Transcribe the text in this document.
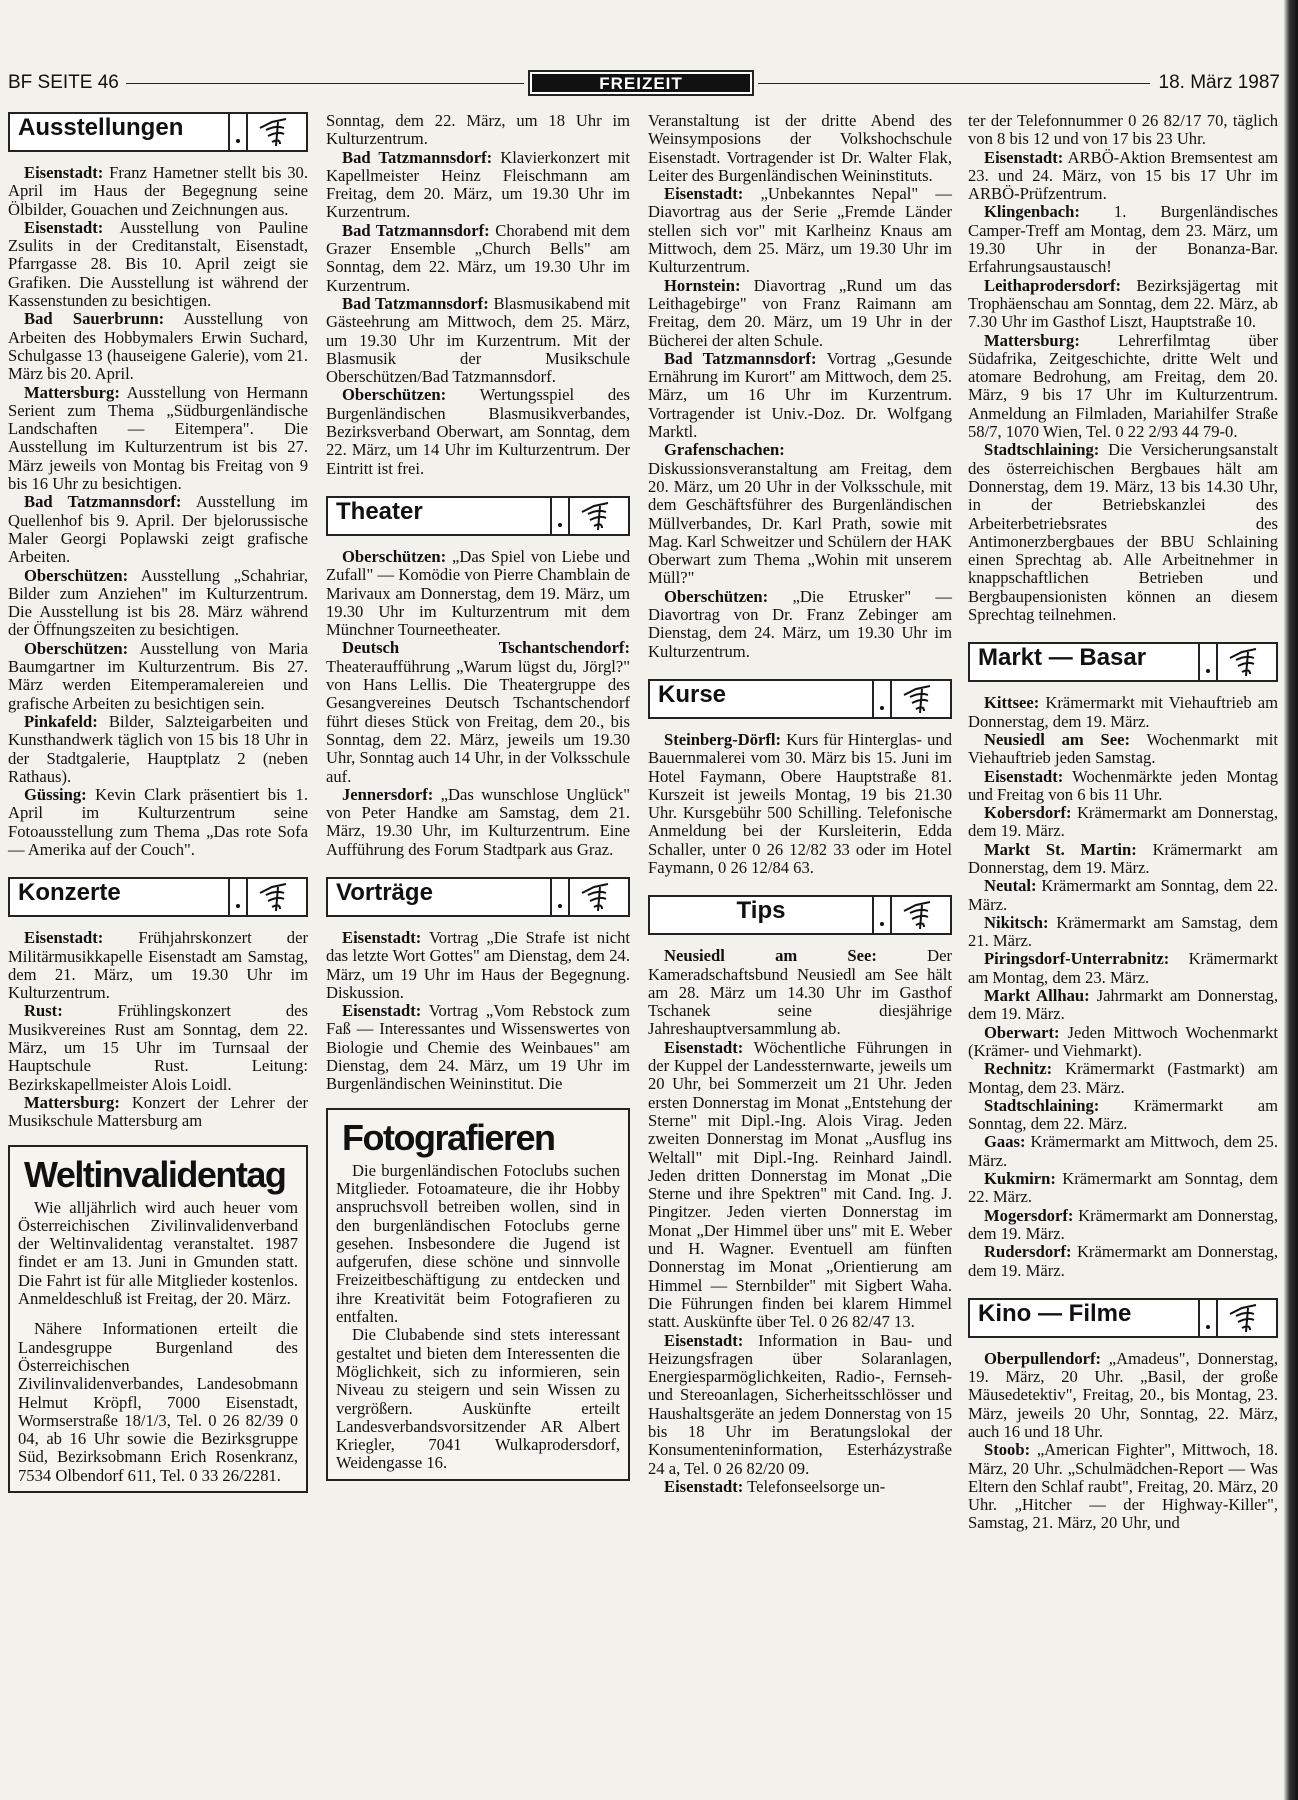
BF SEITE 46	FREIZEIT	18. März 1987
Ausstellungen

Eisenstadt: Franz Hametner stellt bis 30. April im Haus der Begegnung seine Ölbilder, Gouachen und Zeichnungen aus.

Eisenstadt: Ausstellung von Pauline Zsulits in der Creditanstalt, Eisenstadt, Pfarrgasse 28. Bis 10. April zeigt sie Grafiken. Die Ausstellung ist während der Kassenstunden zu besichtigen.

Bad Sauerbrunn: Ausstellung von Arbeiten des Hobbymalers Erwin Suchard, Schulgasse 13 (hauseigene Galerie), vom 21. März bis 20. April.

Mattersburg: Ausstellung von Hermann Serient zum Thema „Südburgenländische Landschaften — Eitempera". Die Ausstellung im Kulturzentrum ist bis 27. März jeweils von Montag bis Freitag von 9 bis 16 Uhr zu besichtigen.

Bad Tatzmannsdorf: Ausstellung im Quellenhof bis 9. April. Der bjelorussische Maler Georgi Poplawski zeigt grafische Arbeiten.

Oberschützen: Ausstellung „Schahriar, Bilder zum Anziehen" im Kulturzentrum. Die Ausstellung ist bis 28. März während der Öffnungszeiten zu besichtigen.

Oberschützen: Ausstellung von Maria Baumgartner im Kulturzentrum. Bis 27. März werden Eitemperamalereien und grafische Arbeiten zu besichtigen sein.

Pinkafeld: Bilder, Salzteigarbeiten und Kunsthandwerk täglich von 15 bis 18 Uhr in der Stadtgalerie, Hauptplatz 2 (neben Rathaus).

Güssing: Kevin Clark präsentiert bis 1. April im Kulturzentrum seine Fotoausstellung zum Thema „Das rote Sofa — Amerika auf der Couch".

Konzerte

Eisenstadt: Frühjahrskonzert der Militärmusikkapelle Eisenstadt am Samstag, dem 21. März, um 19.30 Uhr im Kulturzentrum.

Rust: Frühlingskonzert des Musikvereines Rust am Sonntag, dem 22. März, um 15 Uhr im Turnsaal der Hauptschule Rust. Leitung: Bezirkskapellmeister Alois Loidl.

Mattersburg: Konzert der Lehrer der Musikschule Mattersburg am

Weltinvalidentag

Wie alljährlich wird auch heuer vom Österreichischen Zivilinvalidenverband der Weltinvalidentag veranstaltet. 1987 findet er am 13. Juni in Gmunden statt. Die Fahrt ist für alle Mitglieder kostenlos. Anmeldeschluß ist Freitag, der 20. März.

Nähere Informationen erteilt die Landesgruppe Burgenland des Österreichischen Zivilinvalidenverbandes, Landesobmann Helmut Kröpfl, 7000 Eisenstadt, Wormserstraße 18/1/3, Tel. 0 26 82/39 0 04, ab 16 Uhr sowie die Bezirksgruppe Süd, Bezirksobmann Erich Rosenkranz, 7534 Olbendorf 611, Tel. 0 33 26/2281.

Sonntag, dem 22. März, um 18 Uhr im Kulturzentrum.

Bad Tatzmannsdorf: Klavierkonzert mit Kapellmeister Heinz Fleischmann am Freitag, dem 20. März, um 19.30 Uhr im Kurzentrum.

Bad Tatzmannsdorf: Chorabend mit dem Grazer Ensemble „Church Bells" am Sonntag, dem 22. März, um 19.30 Uhr im Kurzentrum.

Bad Tatzmannsdorf: Blasmusikabend mit Gästeehrung am Mittwoch, dem 25. März, um 19.30 Uhr im Kurzentrum. Mit der Blasmusik der Musikschule Oberschützen/Bad Tatzmannsdorf.

Oberschützen: Wertungsspiel des Burgenländischen Blasmusikverbandes, Bezirksverband Oberwart, am Sonntag, dem 22. März, um 14 Uhr im Kulturzentrum. Der Eintritt ist frei.

Theater

Oberschützen: „Das Spiel von Liebe und Zufall" — Komödie von Pierre Chamblain de Marivaux am Donnerstag, dem 19. März, um 19.30 Uhr im Kulturzentrum mit dem Münchner Tourneetheater.

Deutsch Tschantschendorf: Theateraufführung „Warum lügst du, Jörgl?" von Hans Lellis. Die Theatergruppe des Gesangvereines Deutsch Tschantschendorf führt dieses Stück von Freitag, dem 20., bis Sonntag, dem 22. März, jeweils um 19.30 Uhr, Sonntag auch 14 Uhr, in der Volksschule auf.

Jennersdorf: „Das wunschlose Unglück" von Peter Handke am Samstag, dem 21. März, 19.30 Uhr, im Kulturzentrum. Eine Aufführung des Forum Stadtpark aus Graz.

Vorträge

Eisenstadt: Vortrag „Die Strafe ist nicht das letzte Wort Gottes" am Dienstag, dem 24. März, um 19 Uhr im Haus der Begegnung. Diskussion.

Eisenstadt: Vortrag „Vom Rebstock zum Faß — Interessantes und Wissenswertes von Biologie und Chemie des Weinbaues" am Dienstag, dem 24. März, um 19 Uhr im Burgenländischen Weininstitut. Die

Fotografieren

Die burgenländischen Fotoclubs suchen Mitglieder. Fotoamateure, die ihr Hobby anspruchsvoll betreiben wollen, sind in den burgenländischen Fotoclubs gerne gesehen. Insbesondere die Jugend ist aufgerufen, diese schöne und sinnvolle Freizeitbeschäftigung zu entdecken und ihre Kreativität beim Fotografieren zu entfalten.

Die Clubabende sind stets interessant gestaltet und bieten dem Interessenten die Möglichkeit, sich zu informieren, sein Niveau zu steigern und sein Wissen zu vergrößern. Auskünfte erteilt Landesverbandsvorsitzender AR Albert Kriegler, 7041 Wulkaprodersdorf, Weidengasse 16.

Veranstaltung ist der dritte Abend des Weinsymposions der Volkshochschule Eisenstadt. Vortragender ist Dr. Walter Flak, Leiter des Burgenländischen Weininstituts.

Eisenstadt: „Unbekanntes Nepal" — Diavortrag aus der Serie „Fremde Länder stellen sich vor" mit Karlheinz Knaus am Mittwoch, dem 25. März, um 19.30 Uhr im Kulturzentrum.

Hornstein: Diavortrag „Rund um das Leithagebirge" von Franz Raimann am Freitag, dem 20. März, um 19 Uhr in der Bücherei der alten Schule.

Bad Tatzmannsdorf: Vortrag „Gesunde Ernährung im Kurort" am Mittwoch, dem 25. März, um 16 Uhr im Kurzentrum. Vortragender ist Univ.-Doz. Dr. Wolfgang Marktl.

Grafenschachen: Diskussionsveranstaltung am Freitag, dem 20. März, um 20 Uhr in der Volksschule, mit dem Geschäftsführer des Burgenländischen Müllverbandes, Dr. Karl Prath, sowie mit Mag. Karl Schweitzer und Schülern der HAK Oberwart zum Thema „Wohin mit unserem Müll?"

Oberschützen: „Die Etrusker" — Diavortrag von Dr. Franz Zebinger am Dienstag, dem 24. März, um 19.30 Uhr im Kulturzentrum.

Kurse

Steinberg-Dörfl: Kurs für Hinterglas- und Bauernmalerei vom 30. März bis 15. Juni im Hotel Faymann, Obere Hauptstraße 81. Kurszeit ist jeweils Montag, 19 bis 21.30 Uhr. Kursgebühr 500 Schilling. Telefonische Anmeldung bei der Kursleiterin, Edda Schaller, unter 0 26 12/82 33 oder im Hotel Faymann, 0 26 12/84 63.

Tips

Neusiedl am See: Der Kameradschaftsbund Neusiedl am See hält am 28. März um 14.30 Uhr im Gasthof Tschanek seine diesjährige Jahreshauptversammlung ab.

Eisenstadt: Wöchentliche Führungen in der Kuppel der Landessternwarte, jeweils um 20 Uhr, bei Sommerzeit um 21 Uhr. Jeden ersten Donnerstag im Monat „Entstehung der Sterne" mit Dipl.-Ing. Alois Virag. Jeden zweiten Donnerstag im Monat „Ausflug ins Weltall" mit Dipl.-Ing. Reinhard Jaindl. Jeden dritten Donnerstag im Monat „Die Sterne und ihre Spektren" mit Cand. Ing. J. Pingitzer. Jeden vierten Donnerstag im Monat „Der Himmel über uns" mit E. Weber und H. Wagner. Eventuell am fünften Donnerstag im Monat „Orientierung am Himmel — Sternbilder" mit Sigbert Waha. Die Führungen finden bei klarem Himmel statt. Auskünfte über Tel. 0 26 82/47 13.

Eisenstadt: Information in Bau- und Heizungsfragen über Solaranlagen, Energiesparmöglichkeiten, Radio-, Fernseh- und Stereoanlagen, Sicherheitsschlösser und Haushaltsgeräte an jedem Donnerstag von 15 bis 18 Uhr im Beratungslokal der Konsumenteninformation, Esterházystraße 24 a, Tel. 0 26 82/20 09.

Eisenstadt: Telefonseelsorge un-

ter der Telefonnummer 0 26 82/17 70, täglich von 8 bis 12 und von 17 bis 23 Uhr.

Eisenstadt: ARBÖ-Aktion Bremsentest am 23. und 24. März, von 15 bis 17 Uhr im ARBÖ-Prüfzentrum.

Klingenbach: 1. Burgenländisches Camper-Treff am Montag, dem 23. März, um 19.30 Uhr in der Bonanza-Bar. Erfahrungsaustausch!

Leithaprodersdorf: Bezirksjägertag mit Trophäenschau am Sonntag, dem 22. März, ab 7.30 Uhr im Gasthof Liszt, Hauptstraße 10.

Mattersburg: Lehrerfilmtag über Südafrika, Zeitgeschichte, dritte Welt und atomare Bedrohung, am Freitag, dem 20. März, 9 bis 17 Uhr im Kulturzentrum. Anmeldung an Filmladen, Mariahilfer Straße 58/7, 1070 Wien, Tel. 0 22 2/93 44 79-0.

Stadtschlaining: Die Versicherungsanstalt des österreichischen Bergbaues hält am Donnerstag, dem 19. März, 13 bis 14.30 Uhr, in der Betriebskanzlei des Arbeiterbetriebsrates des Antimonerzbergbaues der BBU Schlaining einen Sprechtag ab. Alle Arbeitnehmer in knappschaftlichen Betrieben und Bergbaupensionisten können an diesem Sprechtag teilnehmen.

Markt — Basar

Kittsee: Krämermarkt mit Viehauftrieb am Donnerstag, dem 19. März.

Neusiedl am See: Wochenmarkt mit Viehauftrieb jeden Samstag.

Eisenstadt: Wochenmärkte jeden Montag und Freitag von 6 bis 11 Uhr.

Kobersdorf: Krämermarkt am Donnerstag, dem 19. März.

Markt St. Martin: Krämermarkt am Donnerstag, dem 19. März.

Neutal: Krämermarkt am Sonntag, dem 22. März.

Nikitsch: Krämermarkt am Samstag, dem 21. März.

Piringsdorf-Unterrabnitz: Krämermarkt am Montag, dem 23. März.

Markt Allhau: Jahrmarkt am Donnerstag, dem 19. März.

Oberwart: Jeden Mittwoch Wochenmarkt (Krämer- und Viehmarkt).

Rechnitz: Krämermarkt (Fastmarkt) am Montag, dem 23. März.

Stadtschlaining: Krämermarkt am Sonntag, dem 22. März.

Gaas: Krämermarkt am Mittwoch, dem 25. März.

Kukmirn: Krämermarkt am Sonntag, dem 22. März.

Mogersdorf: Krämermarkt am Donnerstag, dem 19. März.

Rudersdorf: Krämermarkt am Donnerstag, dem 19. März.

Kino — Filme

Oberpullendorf: „Amadeus", Donnerstag, 19. März, 20 Uhr. „Basil, der große Mäusedetektiv", Freitag, 20., bis Montag, 23. März, jeweils 20 Uhr, Sonntag, 22. März, auch 16 und 18 Uhr.

Stoob: „American Fighter", Mittwoch, 18. März, 20 Uhr. „Schulmädchen-Report — Was Eltern den Schlaf raubt", Freitag, 20. März, 20 Uhr. „Hitcher — der Highway-Killer", Samstag, 21. März, 20 Uhr, und
